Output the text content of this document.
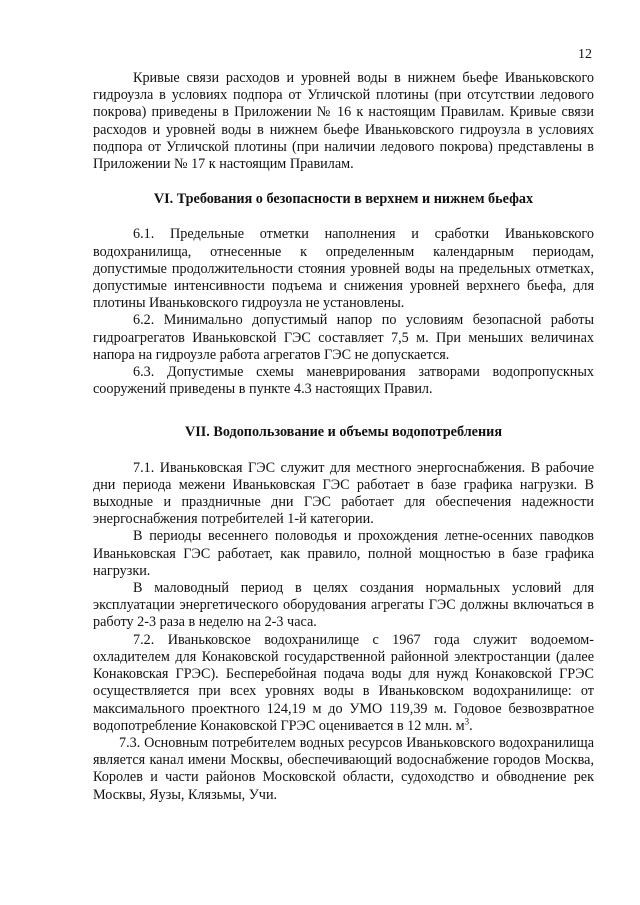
12

Кривые связи расходов и уровней воды в нижнем бьефе Иваньковского гидроузла в условиях подпора от Угличской плотины (при отсутствии ледового покрова) приведены в Приложении № 16 к настоящим Правилам. Кривые связи расходов и уровней воды в нижнем бьефе Иваньковского гидроузла в условиях подпора от Угличской плотины (при наличии ледового покрова) представлены в Приложении № 17 к настоящим Правилам.

VI. Требования о безопасности в верхнем и нижнем бьефах

6.1. Предельные отметки наполнения и сработки Иваньковского водохранилища, отнесенные к определенным календарным периодам, допустимые продолжительности стояния уровней воды на предельных отметках, допустимые интенсивности подъема и снижения уровней верхнего бьефа, для плотины Иваньковского гидроузла не установлены.

6.2. Минимально допустимый напор по условиям безопасной работы гидроагрегатов Иваньковской ГЭС составляет 7,5 м. При меньших величинах напора на гидроузле работа агрегатов ГЭС не допускается.

6.3. Допустимые схемы маневрирования затворами водопропускных сооружений приведены в пункте 4.3 настоящих Правил.

VII. Водопользование и объемы водопотребления

7.1. Иваньковская ГЭС служит для местного энергоснабжения. В рабочие дни периода межени Иваньковская ГЭС работает в базе графика нагрузки. В выходные и праздничные дни ГЭС работает для обеспечения надежности энергоснабжения потребителей 1-й категории.

В периоды весеннего половодья и прохождения летне-осенних паводков Иваньковская ГЭС работает, как правило, полной мощностью в базе графика нагрузки.

В маловодный период в целях создания нормальных условий для эксплуатации энергетического оборудования агрегаты ГЭС должны включаться в работу 2-3 раза в неделю на 2-3 часа.

7.2. Иваньковское водохранилище с 1967 года служит водоемом-охладителем для Конаковской государственной районной электростанции (далее Конаковская ГРЭС). Бесперебойная подача воды для нужд Конаковской ГРЭС осуществляется при всех уровнях воды в Иваньковском водохранилище: от максимального проектного 124,19 м до УМО 119,39 м. Годовое безвозвратное водопотребление Конаковской ГРЭС оценивается в 12 млн. $м^3$.

7.3. Основным потребителем водных ресурсов Иваньковского водохранилища является канал имени Москвы, обеспечивающий водоснабжение городов Москва, Королев и части районов Московской области, судоходство и обводнение рек Москвы, Яузы, Клязьмы, Учи.
